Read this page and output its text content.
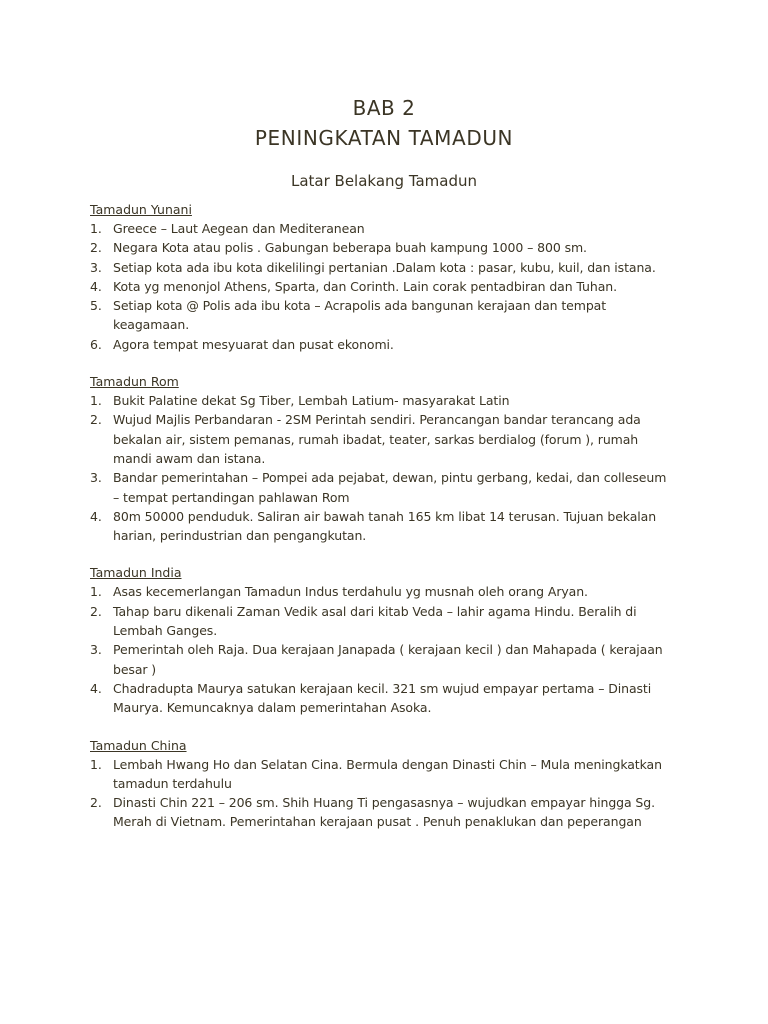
BAB 2
PENINGKATAN TAMADUN
Latar Belakang Tamadun
Tamadun Yunani
1. Greece – Laut Aegean dan Mediteranean
2. Negara Kota atau polis . Gabungan beberapa buah kampung 1000 – 800 sm.
3. Setiap kota ada ibu kota dikelilingi pertanian .Dalam kota : pasar, kubu, kuil, dan istana.
4. Kota yg menonjol Athens, Sparta, dan Corinth. Lain corak pentadbiran dan Tuhan.
5. Setiap kota @ Polis ada ibu kota – Acrapolis ada bangunan kerajaan dan tempat keagamaan.
6. Agora tempat mesyuarat dan pusat ekonomi.
Tamadun Rom
1. Bukit Palatine dekat Sg Tiber, Lembah Latium- masyarakat Latin
2. Wujud Majlis Perbandaran - 2SM Perintah sendiri. Perancangan bandar terancang ada bekalan air, sistem pemanas, rumah ibadat, teater, sarkas berdialog (forum ), rumah mandi awam dan istana.
3. Bandar pemerintahan – Pompei ada pejabat, dewan, pintu gerbang, kedai, dan colleseum – tempat pertandingan pahlawan Rom
4. 80m 50000 penduduk. Saliran air bawah tanah 165 km libat 14 terusan. Tujuan bekalan harian, perindustrian dan pengangkutan.
Tamadun India
1. Asas kecemerlangan Tamadun Indus terdahulu yg musnah oleh orang Aryan.
2. Tahap baru dikenali Zaman Vedik asal dari kitab Veda – lahir agama Hindu. Beralih di Lembah Ganges.
3. Pemerintah oleh Raja. Dua kerajaan Janapada ( kerajaan kecil ) dan Mahapada ( kerajaan besar )
4. Chadradupta Maurya satukan kerajaan kecil. 321 sm wujud empayar pertama – Dinasti Maurya. Kemuncaknya dalam pemerintahan Asoka.
Tamadun China
1. Lembah Hwang Ho dan Selatan Cina. Bermula dengan Dinasti Chin – Mula meningkatkan tamadun terdahulu
2. Dinasti Chin 221 – 206 sm. Shih Huang Ti pengasasnya – wujudkan empayar hingga Sg. Merah di Vietnam. Pemerintahan kerajaan pusat . Penuh penaklukan dan peperangan
